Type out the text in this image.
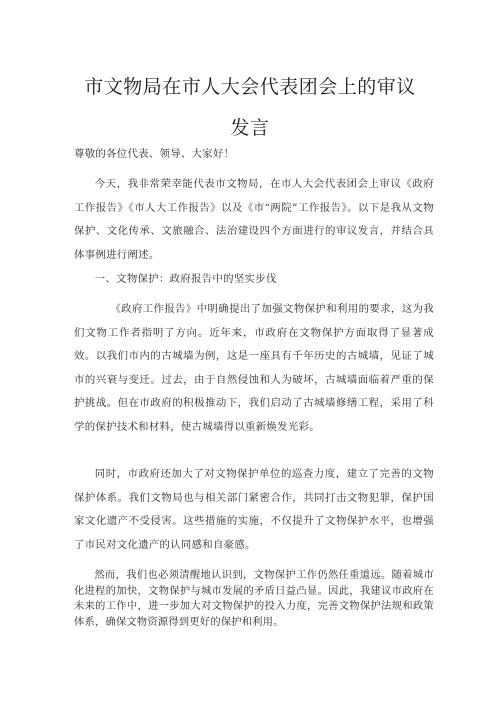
市文物局在市人大会代表团会上的审议
发言

尊敬的各位代表、领导、大家好！

今天，我非常荣幸能代表市文物局，在市人大会代表团会上审议《政府工作报告》《市人大工作报告》以及《市“两院”工作报告》。以下是我从文物保护、文化传承、文旅融合、法治建设四个方面进行的审议发言，并结合具体事例进行阐述。

一、文物保护：政府报告中的坚实步伐

《政府工作报告》中明确提出了加强文物保护和利用的要求，这为我们文物工作者指明了方向。近年来，市政府在文物保护方面取得了显著成效。以我们市内的古城墙为例，这是一座具有千年历史的古城墙，见证了城市的兴衰与变迁。过去，由于自然侵蚀和人为破坏，古城墙面临着严重的保护挑战。但在市政府的积极推动下，我们启动了古城墙修缮工程，采用了科学的保护技术和材料，使古城墙得以重新焕发光彩。

同时，市政府还加大了对文物保护单位的巡查力度，建立了完善的文物保护体系。我们文物局也与相关部门紧密合作，共同打击文物犯罪，保护国家文化遗产不受侵害。这些措施的实施，不仅提升了文物保护水平，也增强了市民对文化遗产的认同感和自豪感。

然而，我们也必须清醒地认识到，文物保护工作仍然任重道远。随着城市化进程的加快，文物保护与城市发展的矛盾日益凸显。因此，我建议市政府在未来的工作中，进一步加大对文物保护的投入力度，完善文物保护法规和政策体系，确保文物资源得到更好的保护和利用。
